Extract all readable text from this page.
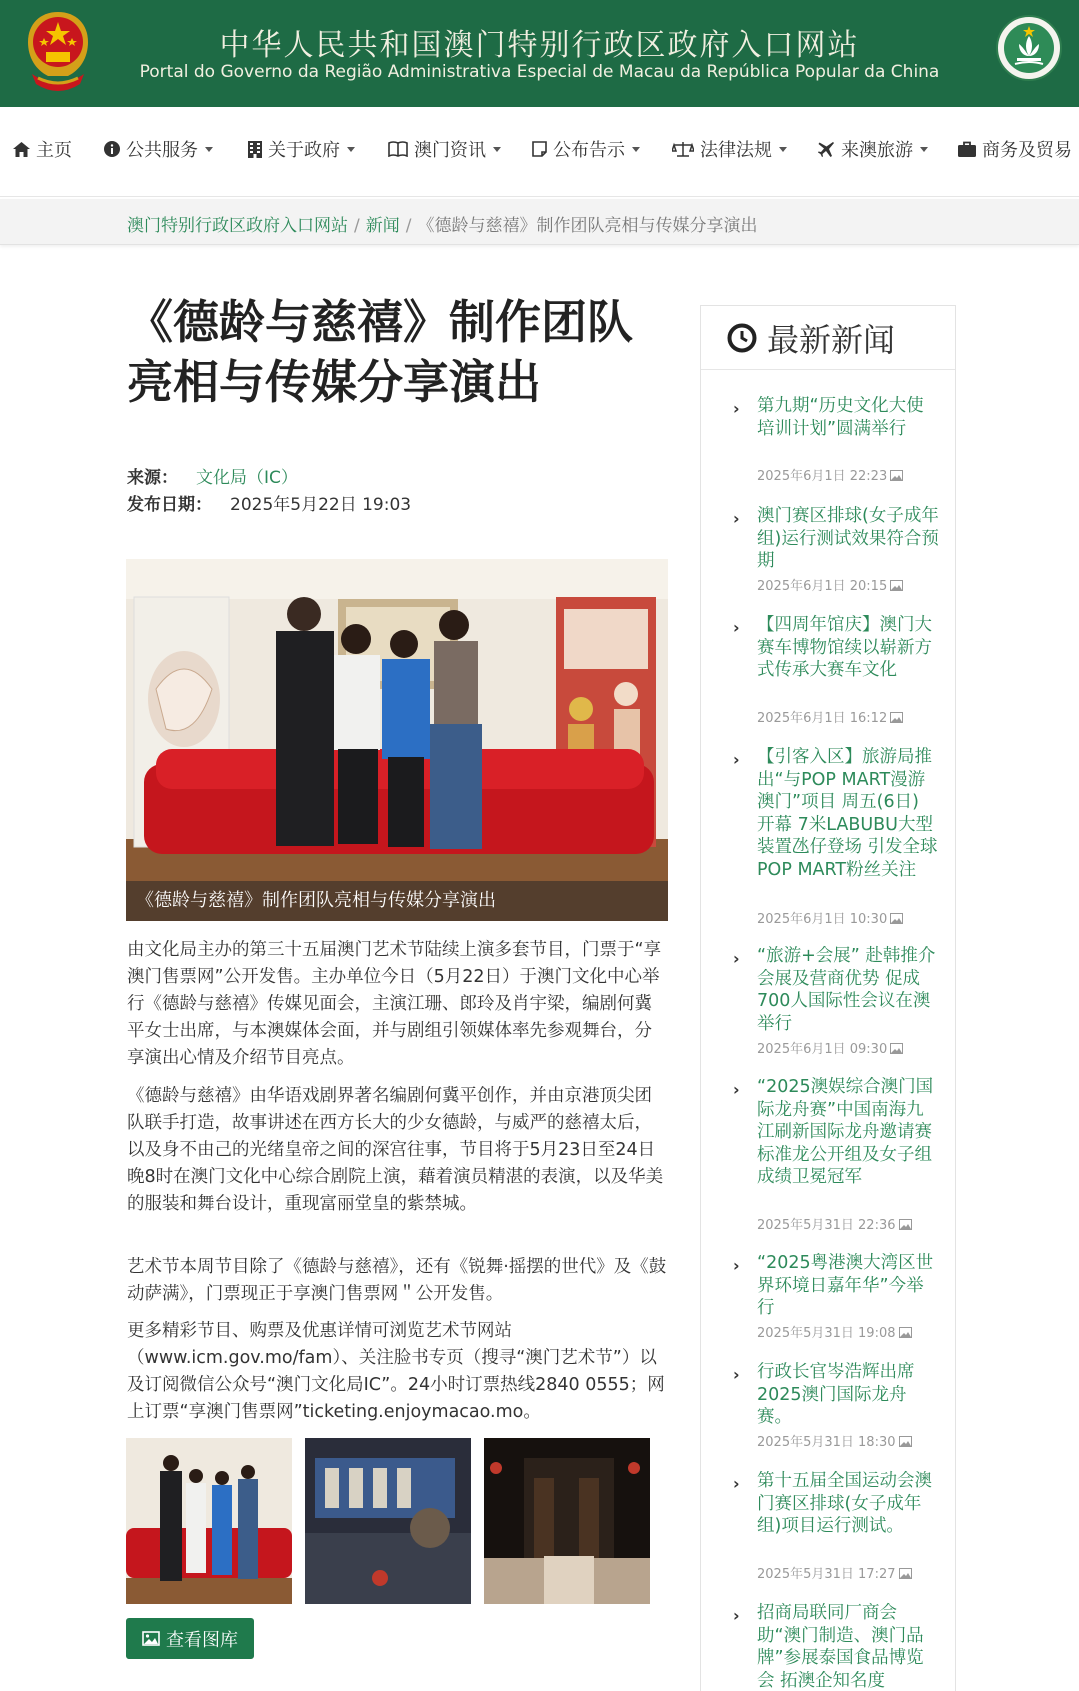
中华人民共和国澳门特别行政区政府入口网站
Portal do Governo da Região Administrativa Especial de Macau da República Popular da China
主页	公共服务	关于政府	澳门资讯	公布告示	法律法规	来澳旅游	商务及贸易
澳门特别行政区政府入口网站 / 新闻 / 《德龄与慈禧》制作团队亮相与传媒分享演出
《德龄与慈禧》制作团队亮相与传媒分享演出
来源： 文化局（IC）
发布日期： 2025年5月22日 19:03
《德龄与慈禧》制作团队亮相与传媒分享演出

由文化局主办的第三十五届澳门艺术节陆续上演多套节目，门票于“享澳门售票网”公开发售。主办单位今日（5月22日）于澳门文化中心举行《德龄与慈禧》传媒见面会，主演江珊、郎玲及肖宇梁，编剧何冀平女士出席，与本澳媒体会面，并与剧组引领媒体率先参观舞台，分享演出心情及介绍节目亮点。

《德龄与慈禧》由华语戏剧界著名编剧何冀平创作，并由京港顶尖团队联手打造，故事讲述在西方长大的少女德龄，与威严的慈禧太后，以及身不由己的光绪皇帝之间的深宫往事，节目将于5月23日至24日晚8时在澳门文化中心综合剧院上演，藉着演员精湛的表演，以及华美的服装和舞台设计，重现富丽堂皇的紫禁城。

艺术节本周节目除了《德龄与慈禧》，还有《锐舞·摇摆的世代》及《鼓动萨满》，门票现正于享澳门售票网＂公开发售。

更多精彩节目、购票及优惠详情可浏览艺术节网站（www.icm.gov.mo/fam）、关注脸书专页（搜寻“澳门艺术节”）以及订阅微信公众号“澳门文化局IC”。24小时订票热线2840 0555；网上订票“享澳门售票网”ticketing.enjoymacao.mo。

查看图库
最新新闻
› 第九期“历史文化大使培训计划”圆满举行
2025年6月1日 22:23
› 澳门赛区排球(女子成年组)运行测试效果符合预期
2025年6月1日 20:15
› 【四周年馆庆】澳门大赛车博物馆续以崭新方式传承大赛车文化
2025年6月1日 16:12
› 【引客入区】旅游局推出“与POP MART漫游澳门”项目 周五(6日) 开幕 7米LABUBU大型装置氹仔登场 引发全球POP MART粉丝关注
2025年6月1日 10:30
› “旅游+会展” 赴韩推介会展及营商优势 促成700人国际性会议在澳举行
2025年6月1日 09:30
› “2025澳娱综合澳门国际龙舟赛”中国南海九江刷新国际龙舟邀请赛标准龙公开组及女子组成绩卫冕冠军
2025年5月31日 22:36
› “2025粤港澳大湾区世界环境日嘉年华”今举行
2025年5月31日 19:08
› 行政长官岑浩辉出席2025澳门国际龙舟赛。
2025年5月31日 18:30
› 第十五届全国运动会澳门赛区排球(女子成年组)项目运行测试。
2025年5月31日 17:27
› 招商局联同厂商会助“澳门制造、澳门品牌”参展泰国食品博览会 拓澳企知名度
